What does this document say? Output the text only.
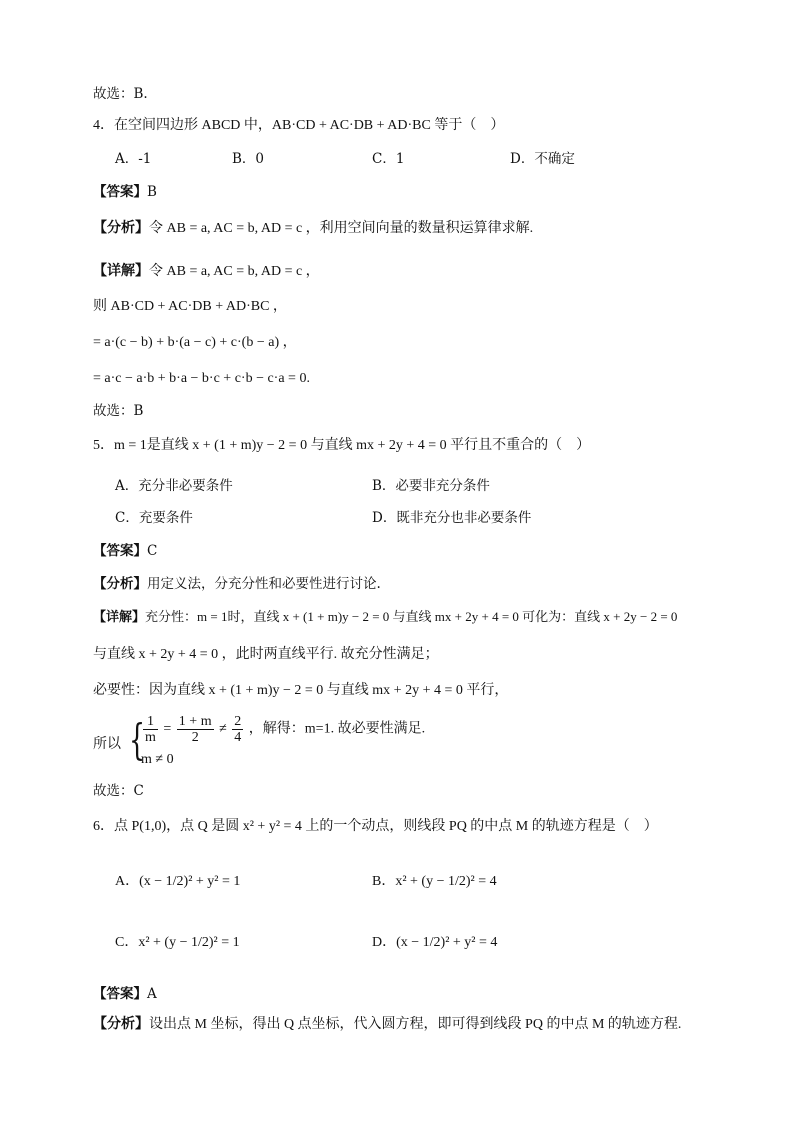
故选：B.
4．在空间四边形 ABCD 中，AB·CD + AC·DB + AD·BC 等于（　）
A．-1	B．0	C．1	D．不确定
【答案】B
【分析】令 AB = a, AC = b, AD = c ，利用空间向量的数量积运算律求解.
【详解】令 AB = a, AC = b, AD = c ，
则 AB·CD + AC·DB + AD·BC ，
= a·(c − b) + b·(a − c) + c·(b − a) ，
= a·c − a·b + b·a − b·c + c·b − c·a = 0.
故选：B
5．m = 1是直线 x + (1 + m)y − 2 = 0 与直线 mx + 2y + 4 = 0 平行且不重合的（　）
A．充分非必要条件	B．必要非充分条件
C．充要条件	D．既非充分也非必要条件
【答案】C
【分析】用定义法，分充分性和必要性进行讨论.
【详解】充分性：m = 1时，直线 x + (1 + m)y − 2 = 0 与直线 mx + 2y + 4 = 0 可化为：直线 x + 2y − 2 = 0
与直线 x + 2y + 4 = 0 ，此时两直线平行. 故充分性满足；
必要性：因为直线 x + (1 + m)y − 2 = 0 与直线 mx + 2y + 4 = 0 平行，
所以 {
$\frac{1}{m} = \frac{1 + m}{2} \ne \frac{2}{4}$ ，解得：m=1. 故必要性满足.
m ≠ 0
故选：C
6．点 P(1,0)，点 Q 是圆 x² + y² = 4 上的一个动点，则线段 PQ 的中点 M 的轨迹方程是（　）
A．(x − 1/2)² + y² = 1	B．x² + (y − 1/2)² = 4
C．x² + (y − 1/2)² = 1	D．(x − 1/2)² + y² = 4
【答案】A
【分析】设出点 M 坐标，得出 Q 点坐标，代入圆方程，即可得到线段 PQ 的中点 M 的轨迹方程.
